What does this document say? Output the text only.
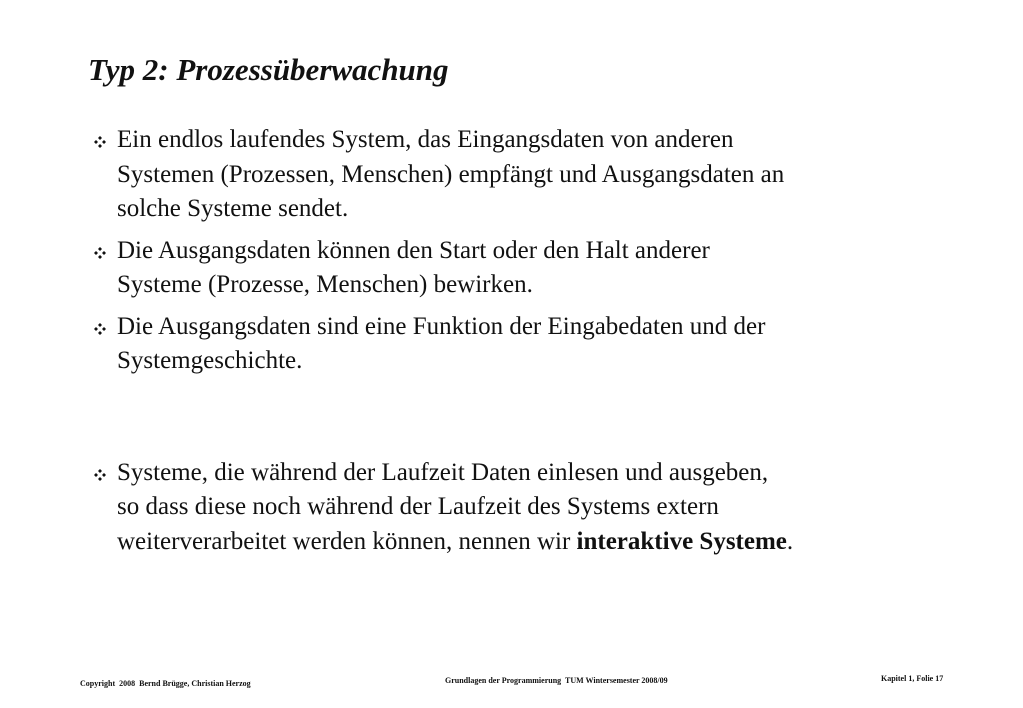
Typ 2: Prozessüberwachung
Ein endlos laufendes System, das Eingangsdaten von anderen
Systemen (Prozessen, Menschen) empfängt und Ausgangsdaten an
solche Systeme sendet.
Die Ausgangsdaten können den Start oder den Halt anderer
Systeme (Prozesse, Menschen) bewirken.
Die Ausgangsdaten sind eine Funktion der Eingabedaten und der
Systemgeschichte.
Systeme, die während der Laufzeit Daten einlesen und ausgeben,
so dass diese noch während der Laufzeit des Systems extern
weiterverarbeitet werden können, nennen wir interaktive Systeme.
Copyright  2008  Bernd Brügge, Christian Herzog	Grundlagen der Programmierung  TUM Wintersemester 2008/09	Kapitel 1, Folie 17
